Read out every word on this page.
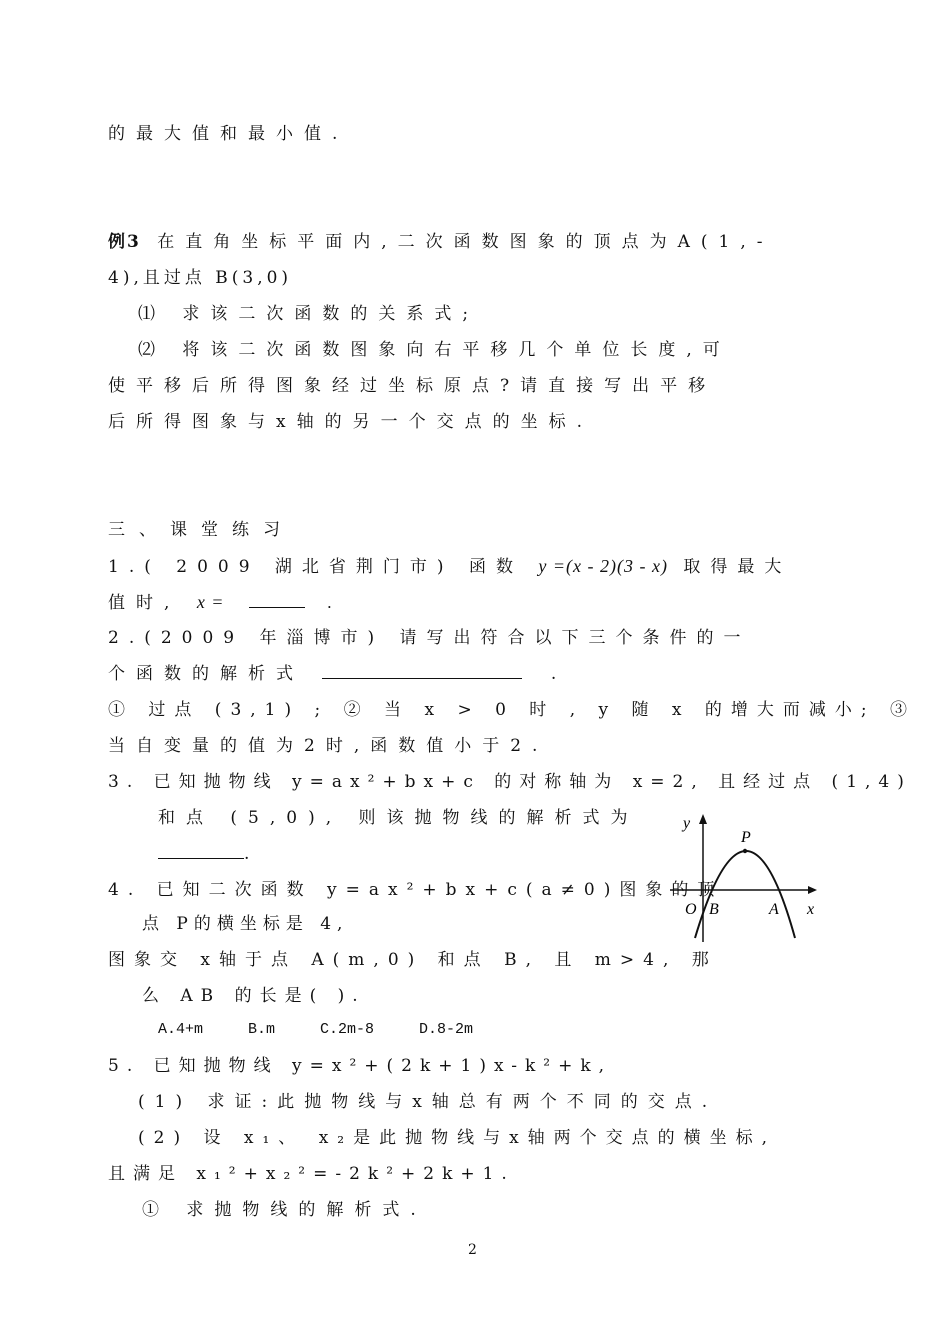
的最大值和最小值.
例3 在直角坐标平面内,二次函数图象的顶点为A(1,-
4),且过点 B(3,0)
⑴ 求该二次函数的关系式;
⑵ 将该二次函数图象向右平移几个单位长度,可
使平移后所得图象经过坐标原点?请直接写出平移
后所得图象与x轴的另一个交点的坐标.
三、课堂练习
1.( 2009 湖北省荆门市) 函数 y =(x - 2)(3 - x) 取得最大
值时, x =	.
2.(2009 年淄博市) 请写出符合以下三个条件的一
个函数的解析式	.
① 过点 (3,1) ; ② 当 x > 0 时 , y 随 x 的增大而减小; ③
当自变量的值为2时,函数值小于2.
3. 已知抛物线 y=ax²+bx+c 的对称轴为 x=2, 且经过点 (1,4)
和点 (5,0), 则该抛物线的解析式为
.
4. 已知二次函数 y=ax²+bx+c(a≠0)图象的顶
点 P的横坐标是 4,
图象交 x轴于点 A(m,0) 和点 B, 且 m>4, 那
么 AB 的长是( ).
A.4+m     B.m     C.2m-8     D.8-2m
5. 已知抛物线 y=x²+(2k+1)x-k²+k,
(1) 求证:此抛物线与x轴总有两个不同的交点.
(2) 设 x₁、 x₂是此抛物线与x轴两个交点的横坐标,
且满足 x₁²+x₂²=-2k²+2k+1.
① 求抛物线的解析式.
y
P
O B	A x
2
